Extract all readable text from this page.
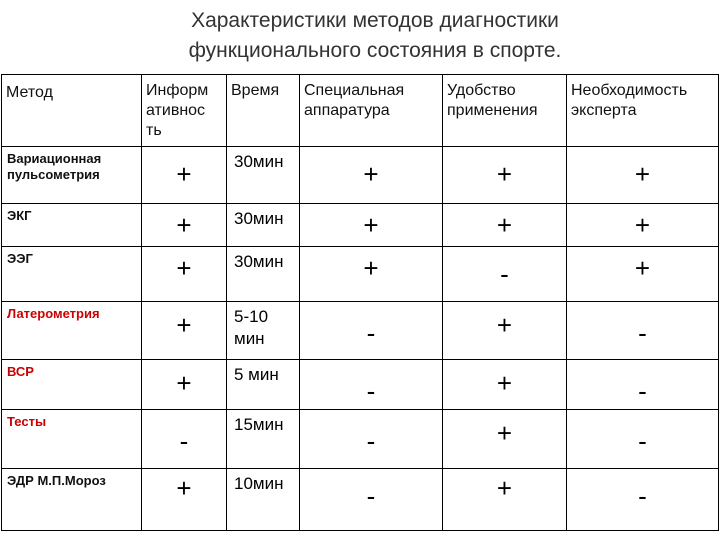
Характеристики методов диагностики
функционального состояния в спорте.
Метод	Информ ативнос ть	Время	Специальная аппаратура	Удобство применения	Необходимость эксперта
Вариационная пульсометрия	+	30мин	+	+	+
ЭКГ	+	30мин	+	+	+
ЭЭГ	+	30мин	+	-	+
Латерометрия	+	5-10 мин	-	+	-
ВСР	+	5 мин	-	+	-
Тесты	-	15мин	-	+	-
ЭДР М.П.Мороз	+	10мин	-	+	-
